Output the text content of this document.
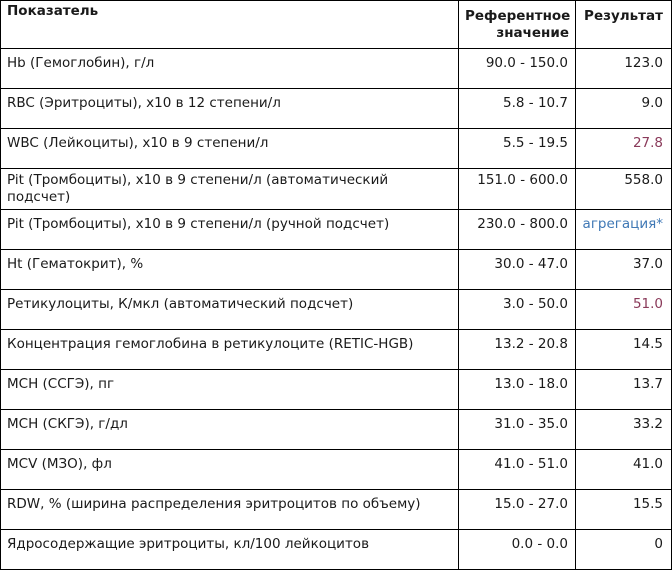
Показатель	Референтное значение	Результат
Hb (Гемоглобин), г/л	90.0 - 150.0	123.0
RBC (Эритроциты), x10 в 12 степени/л	5.8 - 10.7	9.0
WBC (Лейкоциты), x10 в 9 степени/л	5.5 - 19.5	27.8
Pit (Тромбоциты), x10 в 9 степени/л (автоматический подсчет)	151.0 - 600.0	558.0
Pit (Тромбоциты), x10 в 9 степени/л (ручной подсчет)	230.0 - 800.0	агрегация*
Ht (Гематокрит), %	30.0 - 47.0	37.0
Ретикулоциты, К/мкл (автоматический подсчет)	3.0 - 50.0	51.0
Концентрация гемоглобина в ретикулоците (RETIC-HGB)	13.2 - 20.8	14.5
МСН (ССГЭ), пг	13.0 - 18.0	13.7
МСН (СКГЭ), г/дл	31.0 - 35.0	33.2
MCV (МЗО), фл	41.0 - 51.0	41.0
RDW, % (ширина распределения эритроцитов по объему)	15.0 - 27.0	15.5
Ядросодержащие эритроциты, кл/100 лейкоцитов	0.0 - 0.0	0
